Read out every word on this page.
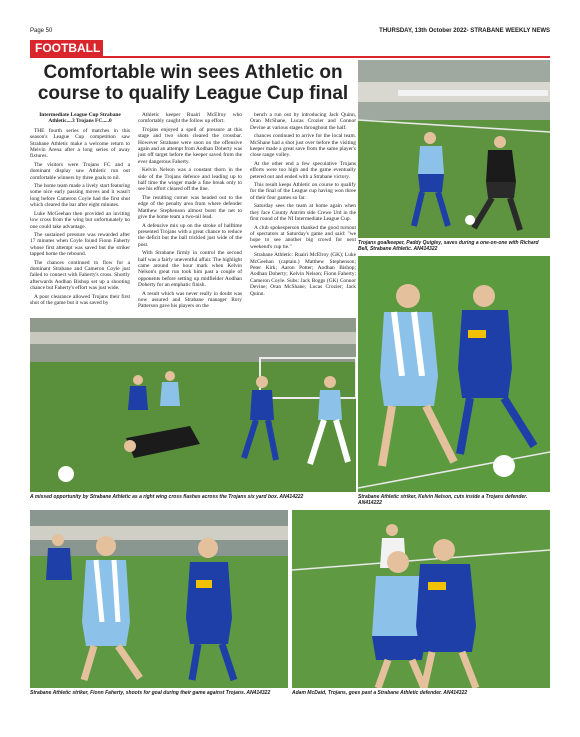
Page 50	THURSDAY, 13th October 2022- STRABANE WEEKLY NEWS
FOOTBALL
Comfortable win sees Athletic on course to qualify League Cup final

Intermediate League Cup Strabane Athletic....3 Trojans FC.....0

THE fourth series of matches in this season's League Cup competition saw Strabane Athletic make a welcome return to Melvin Arena after a long series of away fixtures.

The visitors were Trojans FC and a dominant display saw Athletic run out comfortable winners by three goals to nil.

The home team made a lively start featuring some nice early passing moves and it wasn't long before Cameron Coyle had the first shot which cleared the bar after eight minutes.

Luke McGeehan then provided an inviting low cross from the wing but unfortunately no one could take advantage.

The sustained pressure was rewarded after 17 minutes when Coyle found Fionn Faherty whose first attempt was saved but the striker tapped home the rebound.

The chances continued to flow for a dominant Strabane and Cameron Coyle just failed to connect with Faherty's cross. Shortly afterwards Aodhan Bishop set up a shooting chance but Faherty's effort was just wide.

A poor clearance allowed Trojans their first shot of the game but it was saved by

Athletic keeper Ruairi McElroy who comfortably caught the follow up effort.

Trojans enjoyed a spell of pressure at this stage and two shots cleared the crossbar. However Strabane were soon on the offensive again and an attempt from Aodhan Doherty was just off target before the keeper saved from the ever dangerous Faherty.

Kelvin Nelson was a constant thorn in the side of the Trojans defence and leading up to half time the winger made a fine break only to see his effort cleared off the line.

The resulting corner was headed out to the edge of the penalty area from where defender Matthew Stephenson almost burst the net to give the home team a two-nil lead.

A defensive mix up on the stroke of halftime presented Trojans with a great chance to reduce the deficit but the ball trickled just wide of the post.

With Strabane firmly in control the second half was a fairly uneventful affair. The highlight came around the hour mark when Kelvin Nelson's great run took him past a couple of opponents before setting up midfielder Aodhan Doherty for an emphatic finish.

A result which was never really in doubt was now assured and Strabane manager Rory Patterson gave his players on the

bench a run out by introducing Jack Quinn, Oran McShane, Lucas Crozier and Connor Devine at various stages throughout the half.

chances continued to arrive for the local team. McShane had a shot just over before the visiting keeper made a great save from the same player's close range volley.

At the other end a few speculative Trojans efforts were too high and the game eventually petered out and ended with a Strabane victory.

This result keeps Athletic on course to qualify for the final of the League cup having won three of their four games so far.

Saturday sees the team at home again when they face County Antrim side Crewe Utd in the first round of the NI Intermediate League Cup.

A club spokesperson thanked the good turnout of spectators at Saturday's game and said: "we hope to see another big crowd for next weekend's cup tie."

Strabane Athletic: Ruairi McElroy (GK); Luke McGeehan (captain.) Matthew Stephenson; Peter Kirk; Aaron Potter; Aodhan Bishop; Aodhan Doherty; Kelvin Nelson; Fionn Faherty; Cameron Coyle. Subs: Jack Boggs (GK) Connor Devine; Oran McShane; Lucas Crozier; Jack Quinn.

Trojans goalkeeper, Paddy Quigley, saves during a one-on-one with Richard Bell, Strabane Athletic. AN414322
A missed opportunity by Strabane Athletic as a right wing cross flashes across the Trojans six yard box. AN414222	Strabane Athletic striker, Kelvin Nelson, cuts inside a Trojans defender. AN414222
Strabane Athletic striker, Fionn Faherty, shoots for goal during their game against Trojans. AN414322	Adam McDaid, Trojans, goes past a Strabane Athletic defender. AN414322
